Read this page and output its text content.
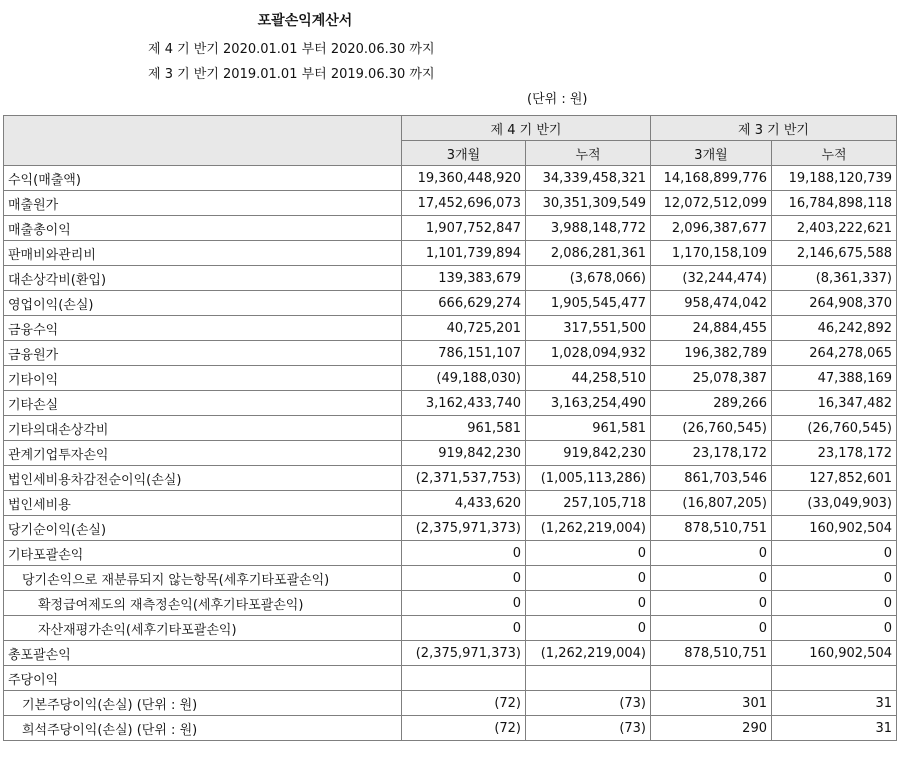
포괄손익계산서
제 4 기 반기 2020.01.01 부터 2020.06.30 까지
제 3 기 반기 2019.01.01 부터 2019.06.30 까지
(단위 : 원)
	제 4 기 반기		제 3 기 반기	
	3개월	누적	3개월	누적
수익(매출액)	19,360,448,920	34,339,458,321	14,168,899,776	19,188,120,739
매출원가	17,452,696,073	30,351,309,549	12,072,512,099	16,784,898,118
매출총이익	1,907,752,847	3,988,148,772	2,096,387,677	2,403,222,621
판매비와관리비	1,101,739,894	2,086,281,361	1,170,158,109	2,146,675,588
대손상각비(환입)	139,383,679	(3,678,066)	(32,244,474)	(8,361,337)
영업이익(손실)	666,629,274	1,905,545,477	958,474,042	264,908,370
금융수익	40,725,201	317,551,500	24,884,455	46,242,892
금융원가	786,151,107	1,028,094,932	196,382,789	264,278,065
기타이익	(49,188,030)	44,258,510	25,078,387	47,388,169
기타손실	3,162,433,740	3,163,254,490	289,266	16,347,482
기타의대손상각비	961,581	961,581	(26,760,545)	(26,760,545)
관계기업투자손익	919,842,230	919,842,230	23,178,172	23,178,172
법인세비용차감전순이익(손실)	(2,371,537,753)	(1,005,113,286)	861,703,546	127,852,601
법인세비용	4,433,620	257,105,718	(16,807,205)	(33,049,903)
당기순이익(손실)	(2,375,971,373)	(1,262,219,004)	878,510,751	160,902,504
기타포괄손익	0	0	0	0
당기손익으로 재분류되지 않는항목(세후기타포괄손익)	0	0	0	0
확정급여제도의 재측정손익(세후기타포괄손익)	0	0	0	0
자산재평가손익(세후기타포괄손익)	0	0	0	0
총포괄손익	(2,375,971,373)	(1,262,219,004)	878,510,751	160,902,504
주당이익				
기본주당이익(손실) (단위 : 원)	(72)	(73)	301	31
희석주당이익(손실) (단위 : 원)	(72)	(73)	290	31
